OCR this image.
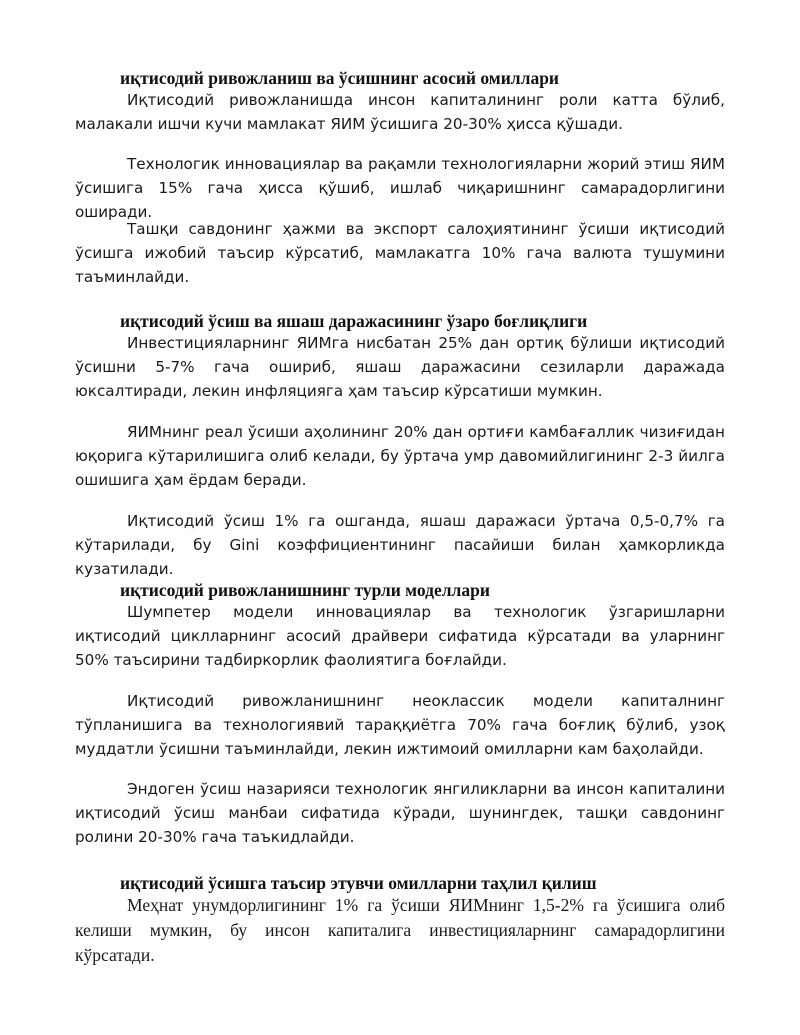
иқтисодий ривожланиш ва ўсишнинг асосий омиллари

Иқтисодий ривожланишда инсон капиталининг роли катта бўлиб, малакали ишчи кучи мамлакат ЯИМ ўсишига 20-30% ҳисса қўшади.

Технологик инновациялар ва рақамли технологияларни жорий этиш ЯИМ ўсишига 15% гача ҳисса қўшиб, ишлаб чиқаришнинг самарадорлигини оширади.

Ташқи савдонинг ҳажми ва экспорт салоҳиятининг ўсиши иқтисодий ўсишга ижобий таъсир кўрсатиб, мамлакатга 10% гача валюта тушумини таъминлайди.

иқтисодий ўсиш ва яшаш даражасининг ўзаро боғлиқлиги

Инвестицияларнинг ЯИМга нисбатан 25% дан ортиқ бўлиши иқтисодий ўсишни 5-7% гача ошириб, яшаш даражасини сезиларли даражада юксалтиради, лекин инфляцияга ҳам таъсир кўрсатиши мумкин.

ЯИМнинг реал ўсиши аҳолининг 20% дан ортиғи камбағаллик чизиғидан юқорига кўтарилишига олиб келади, бу ўртача умр давомийлигининг 2-3 йилга ошишига ҳам ёрдам беради.

Иқтисодий ўсиш 1% га ошганда, яшаш даражаси ўртача 0,5-0,7% га кўтарилади, бу Gini коэффициентининг пасайиши билан ҳамкорликда кузатилади.

иқтисодий ривожланишнинг турли моделлари

Шумпетер модели инновациялар ва технологик ўзгаришларни иқтисодий циклларнинг асосий драйвери сифатида кўрсатади ва уларнинг 50% таъсирини тадбиркорлик фаолиятига боғлайди.

Иқтисодий ривожланишнинг неоклассик модели капиталнинг тўпланишига ва технологиявий тараққиётга 70% гача боғлиқ бўлиб, узоқ муддатли ўсишни таъминлайди, лекин ижтимоий омилларни кам баҳолайди.

Эндоген ўсиш назарияси технологик янгиликларни ва инсон капиталини иқтисодий ўсиш манбаи сифатида кўради, шунингдек, ташқи савдонинг ролини 20-30% гача таъкидлайди.

иқтисодий ўсишга таъсир этувчи омилларни таҳлил қилиш

Меҳнат унумдорлигининг 1% га ўсиши ЯИМнинг 1,5-2% га ўсишига олиб келиши мумкин, бу инсон капиталига инвестицияларнинг самарадорлигини кўрсатади.
